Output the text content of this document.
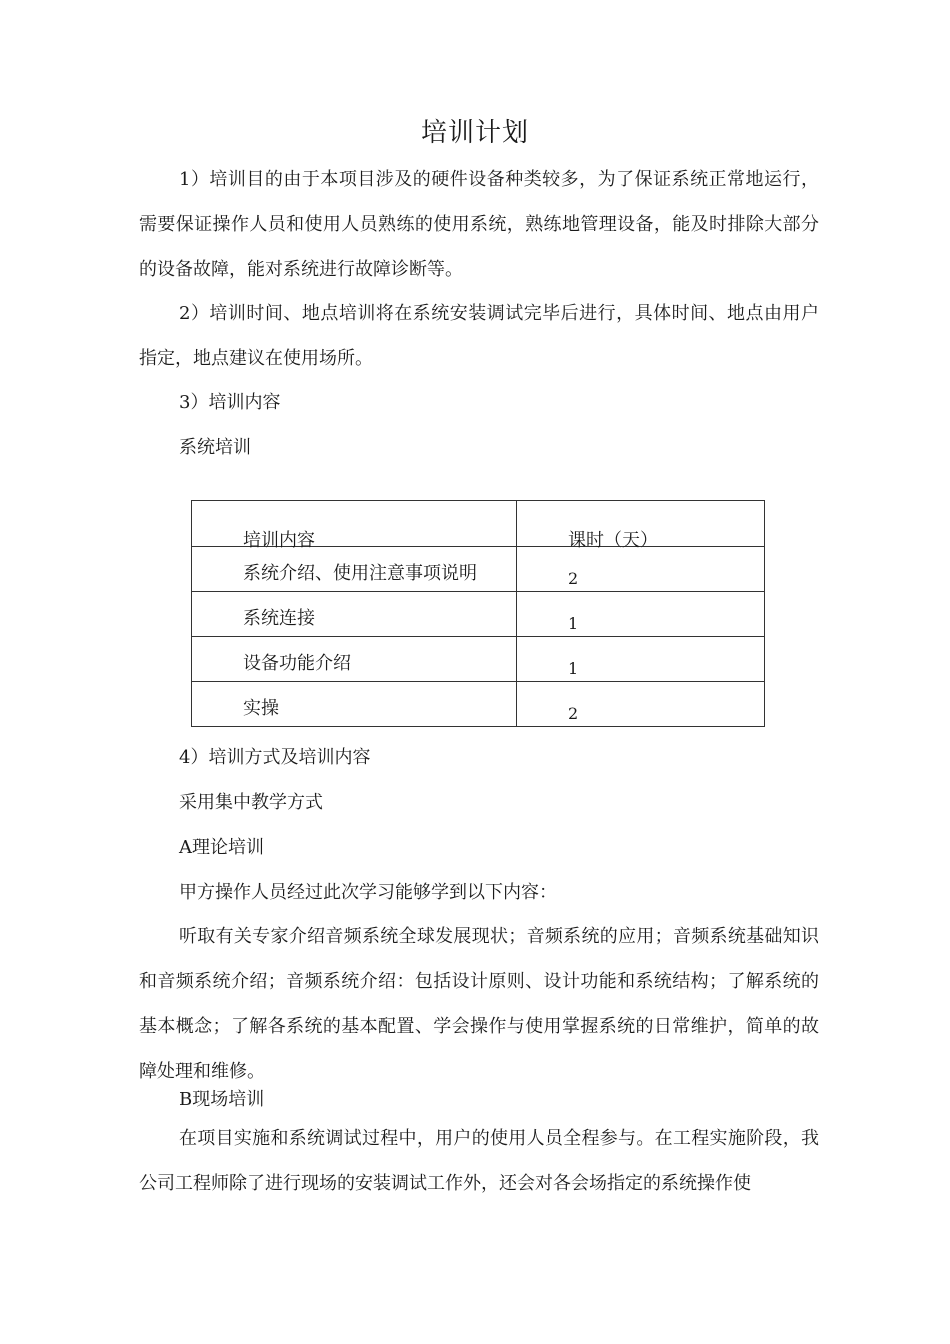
培训计划
1）培训目的由于本项目涉及的硬件设备种类较多，为了保证系统正常地运行，需要保证操作人员和使用人员熟练的使用系统，熟练地管理设备，能及时排除大部分的设备故障，能对系统进行故障诊断等。
2）培训时间、地点培训将在系统安装调试完毕后进行，具体时间、地点由用户指定，地点建议在使用场所。
3）培训内容
系统培训
培训内容	课时（天）

系统介绍、使用注意事项说明	2

系统连接	1

设备功能介绍	1

实操	2
4）培训方式及培训内容
采用集中教学方式
A理论培训
甲方操作人员经过此次学习能够学到以下内容：
听取有关专家介绍音频系统全球发展现状；音频系统的应用；音频系统基础知识和音频系统介绍；音频系统介绍：包括设计原则、设计功能和系统结构；了解系统的基本概念；了解各系统的基本配置、学会操作与使用掌握系统的日常维护，简单的故障处理和维修。
B现场培训
在项目实施和系统调试过程中，用户的使用人员全程参与。在工程实施阶段，我公司工程师除了进行现场的安装调试工作外，还会对各会场指定的系统操作使
